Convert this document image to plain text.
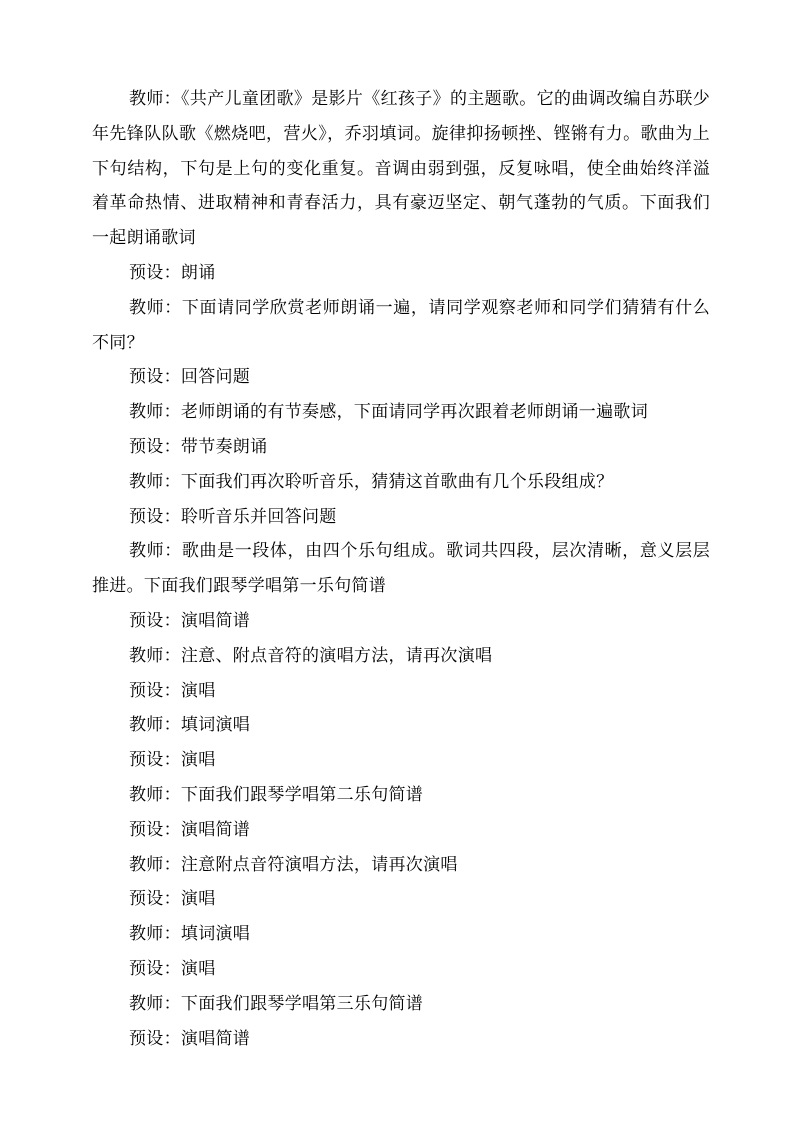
教师：《共产儿童团歌》是影片《红孩子》的主题歌。它的曲调改编自苏联少年先锋队队歌《燃烧吧，营火》，乔羽填词。旋律抑扬顿挫、铿锵有力。歌曲为上下句结构，下句是上句的变化重复。音调由弱到强，反复咏唱，使全曲始终洋溢着革命热情、进取精神和青春活力，具有豪迈坚定、朝气蓬勃的气质。下面我们一起朗诵歌词

预设：朗诵

教师：下面请同学欣赏老师朗诵一遍，请同学观察老师和同学们猜猜有什么不同？

预设：回答问题

教师：老师朗诵的有节奏感，下面请同学再次跟着老师朗诵一遍歌词

预设：带节奏朗诵

教师：下面我们再次聆听音乐，猜猜这首歌曲有几个乐段组成？

预设：聆听音乐并回答问题

教师：歌曲是一段体，由四个乐句组成。歌词共四段，层次清晰，意义层层推进。下面我们跟琴学唱第一乐句简谱

预设：演唱简谱

教师：注意、附点音符的演唱方法，请再次演唱

预设：演唱

教师：填词演唱

预设：演唱

教师：下面我们跟琴学唱第二乐句简谱

预设：演唱简谱

教师：注意附点音符演唱方法，请再次演唱

预设：演唱

教师：填词演唱

预设：演唱

教师：下面我们跟琴学唱第三乐句简谱

预设：演唱简谱
